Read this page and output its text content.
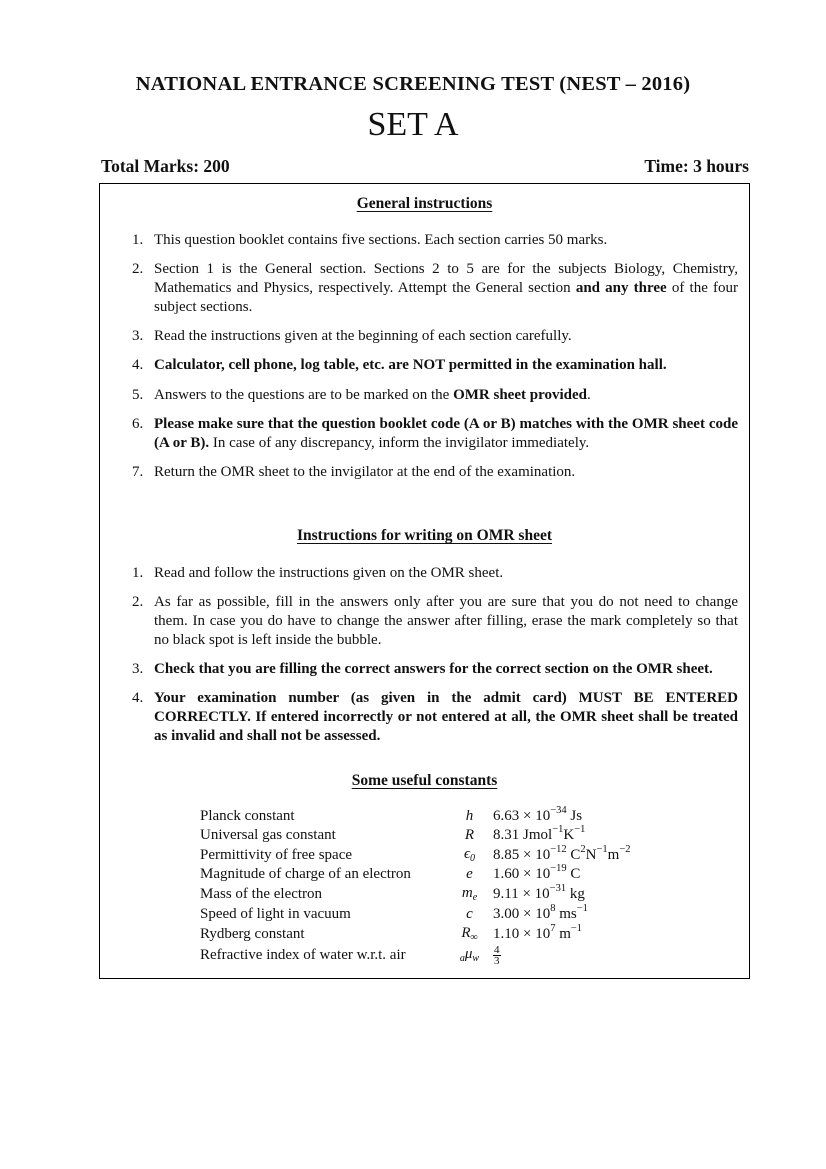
NATIONAL ENTRANCE SCREENING TEST (NEST – 2016)
SET A
Total Marks: 200	Time: 3 hours
General instructions
1. This question booklet contains five sections. Each section carries 50 marks.
2. Section 1 is the General section. Sections 2 to 5 are for the subjects Biology, Chemistry, Mathematics and Physics, respectively. Attempt the General section and any three of the four subject sections.
3. Read the instructions given at the beginning of each section carefully.
4. Calculator, cell phone, log table, etc. are NOT permitted in the examination hall.
5. Answers to the questions are to be marked on the OMR sheet provided.
6. Please make sure that the question booklet code (A or B) matches with the OMR sheet code (A or B). In case of any discrepancy, inform the invigilator immediately.
7. Return the OMR sheet to the invigilator at the end of the examination.
Instructions for writing on OMR sheet
1. Read and follow the instructions given on the OMR sheet.
2. As far as possible, fill in the answers only after you are sure that you do not need to change them. In case you do have to change the answer after filling, erase the mark completely so that no black spot is left inside the bubble.
3. Check that you are filling the correct answers for the correct section on the OMR sheet.
4. Your examination number (as given in the admit card) MUST BE ENTERED CORRECTLY. If entered incorrectly or not entered at all, the OMR sheet shall be treated as invalid and shall not be assessed.
Some useful constants
Planck constant	h	$6.63 \times 10^{-34}$ Js
Universal gas constant	R	8.31 $Jmol^{-1}K^{-1}$
Permittivity of free space	$\epsilon_0$	$8.85 \times 10^{-12}$ $C^2N^{-1}m^{-2}$
Magnitude of charge of an electron	e	$1.60 \times 10^{-19}$ C
Mass of the electron	$m_e$	$9.11 \times 10^{-31}$ kg
Speed of light in vacuum	c	$3.00 \times 10^8$ $ms^{-1}$
Rydberg constant	$R_\infty$	$1.10 \times 10^7$ $m^{-1}$
Refractive index of water w.r.t. air	$_a\mu_w$	$\frac{4}{3}$
